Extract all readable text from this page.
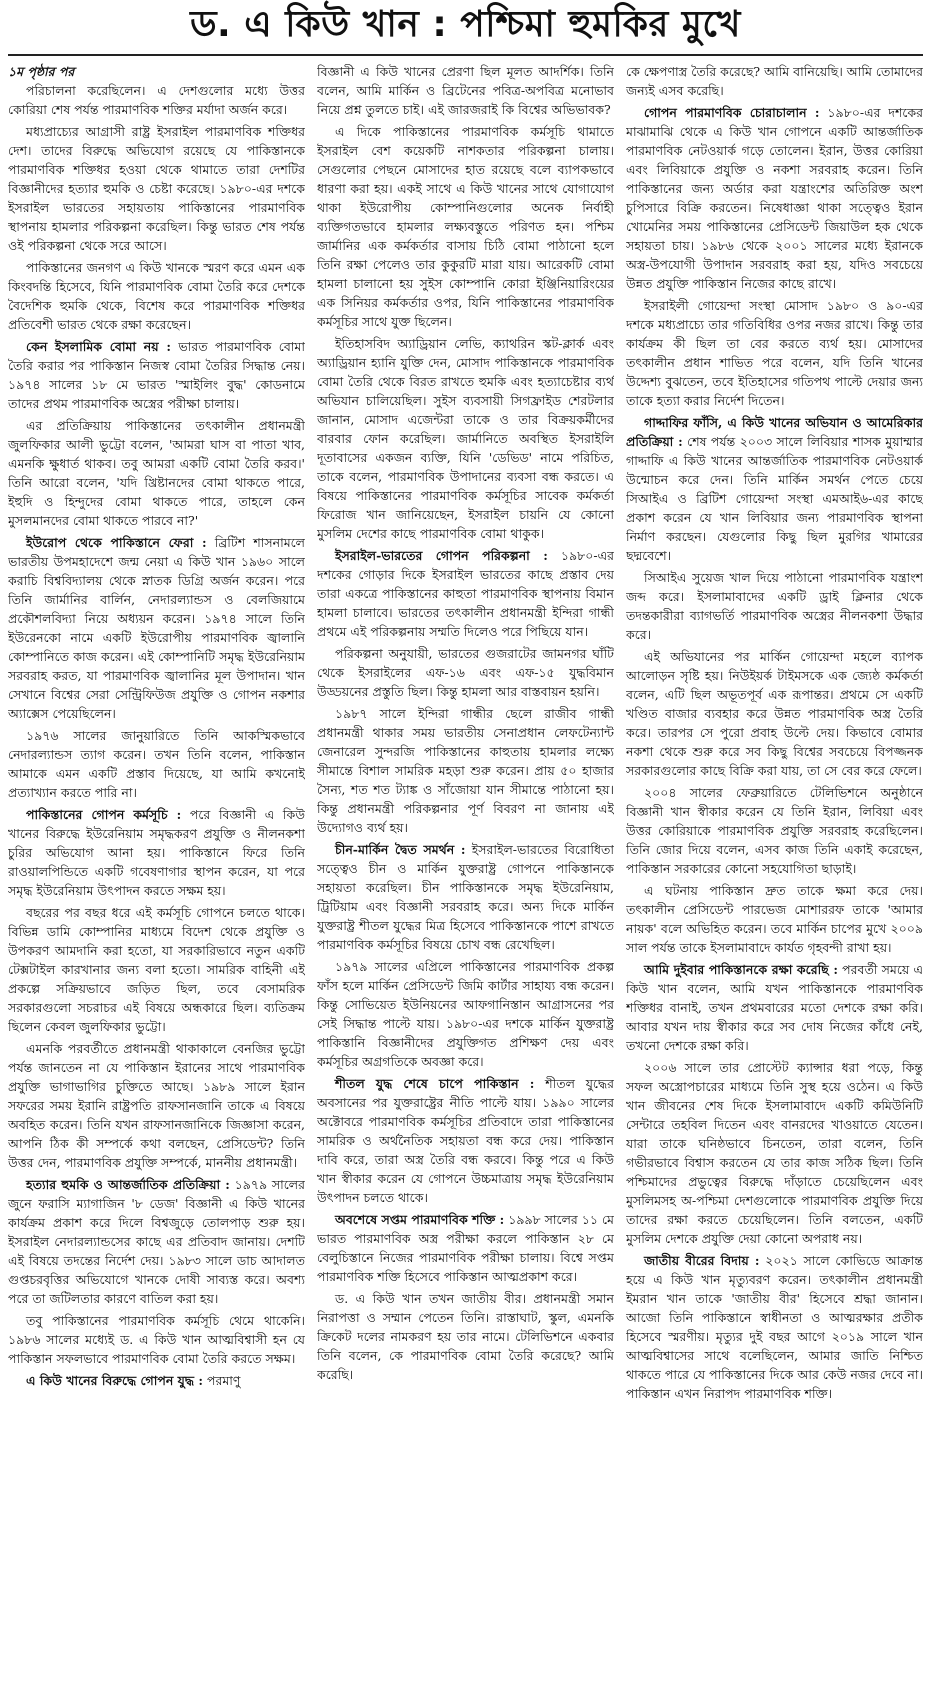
ড. এ কিউ খান : পশ্চিমা হুমকির মুখে
১ম পৃষ্ঠার পর

পরিচালনা করেছিলেন। এ দেশগুলোর মধ্যে উত্তর কোরিয়া শেষ পর্যন্ত পারমাণবিক শক্তির মর্যাদা অর্জন করে।

মধ্যপ্রাচ্যের আগ্রাসী রাষ্ট্র ইসরাইল পারমাণবিক শক্তিধর দেশ। তাদের বিরুদ্ধে অভিযোগ রয়েছে যে পাকিস্তানকে পারমাণবিক শক্তিধর হওয়া থেকে থামাতে তারা দেশটির বিজ্ঞানীদের হত্যার হুমকি ও চেষ্টা করেছে। ১৯৮০-এর দশকে ইসরাইল ভারতের সহায়তায় পাকিস্তানের পারমাণবিক স্থাপনায় হামলার পরিকল্পনা করেছিল। কিন্তু ভারত শেষ পর্যন্ত ওই পরিকল্পনা থেকে সরে আসে।

পাকিস্তানের জনগণ এ কিউ খানকে স্মরণ করে এমন এক কিংবদন্তি হিসেবে, যিনি পারমাণবিক বোমা তৈরি করে দেশকে বৈদেশিক হুমকি থেকে, বিশেষ করে পারমাণবিক শক্তিধর প্রতিবেশী ভারত থেকে রক্ষা করেছেন।

কেন ইসলামিক বোমা নয় : ভারত পারমাণবিক বোমা তৈরি করার পর পাকিস্তান নিজস্ব বোমা তৈরির সিদ্ধান্ত নেয়। ১৯৭৪ সালের ১৮ মে ভারত 'স্মাইলিং বুদ্ধ' কোডনামে তাদের প্রথম পারমাণবিক অস্ত্রের পরীক্ষা চালায়।

এর প্রতিক্রিয়ায় পাকিস্তানের তৎকালীন প্রধানমন্ত্রী জুলফিকার আলী ভুট্টো বলেন, 'আমরা ঘাস বা পাতা খাব, এমনকি ক্ষুধার্ত থাকব। তবু আমরা একটি বোমা তৈরি করব।' তিনি আরো বলেন, 'যদি খ্রিষ্টানদের বোমা থাকতে পারে, ইহুদি ও হিন্দুদের বোমা থাকতে পারে, তাহলে কেন মুসলমানদের বোমা থাকতে পারবে না?'

ইউরোপ থেকে পাকিস্তানে ফেরা : ব্রিটিশ শাসনামলে ভারতীয় উপমহাদেশে জন্ম নেয়া এ কিউ খান ১৯৬০ সালে করাচি বিশ্ববিদ্যালয় থেকে স্নাতক ডিগ্রি অর্জন করেন। পরে তিনি জার্মানির বার্লিন, নেদারল্যান্ডস ও বেলজিয়ামে প্রকৌশলবিদ্যা নিয়ে অধ্যয়ন করেন। ১৯৭৪ সালে তিনি ইউরেনকো নামে একটি ইউরোপীয় পারমাণবিক জ্বালানি কোম্পানিতে কাজ করেন। এই কোম্পানিটি সমৃদ্ধ ইউরেনিয়াম সরবরাহ করত, যা পারমাণবিক জ্বালানির মূল উপাদান। খান সেখানে বিশ্বের সেরা সেন্ট্রিফিউজ প্রযুক্তি ও গোপন নকশার অ্যাক্সেস পেয়েছিলেন।

১৯৭৬ সালের জানুয়ারিতে তিনি আকস্মিকভাবে নেদারল্যান্ডস ত্যাগ করেন। তখন তিনি বলেন, পাকিস্তান আমাকে এমন একটি প্রস্তাব দিয়েছে, যা আমি কখনোই প্রত্যাখ্যান করতে পারি না।

পাকিস্তানের গোপন কর্মসূচি : পরে বিজ্ঞানী এ কিউ খানের বিরুদ্ধে ইউরেনিয়াম সমৃদ্ধকরণ প্রযুক্তি ও নীলনকশা চুরির অভিযোগ আনা হয়। পাকিস্তানে ফিরে তিনি রাওয়ালপিন্ডিতে একটি গবেষণাগার স্থাপন করেন, যা পরে সমৃদ্ধ ইউরেনিয়াম উৎপাদন করতে সক্ষম হয়।

বছরের পর বছর ধরে এই কর্মসূচি গোপনে চলতে থাকে। বিভিন্ন ডামি কোম্পানির মাধ্যমে বিদেশ থেকে প্রযুক্তি ও উপকরণ আমদানি করা হতো, যা সরকারিভাবে নতুন একটি টেক্সটাইল কারখানার জন্য বলা হতো। সামরিক বাহিনী এই প্রকল্পে সক্রিয়ভাবে জড়িত ছিল, তবে বেসামরিক সরকারগুলো সচরাচর এই বিষয়ে অন্ধকারে ছিল। ব্যতিক্রম ছিলেন কেবল জুলফিকার ভুট্টো।

এমনকি পরবর্তীতে প্রধানমন্ত্রী থাকাকালে বেনজির ভুট্টো পর্যন্ত জানতেন না যে পাকিস্তান ইরানের সাথে পারমাণবিক প্রযুক্তি ভাগাভাগির চুক্তিতে আছে। ১৯৮৯ সালে ইরান সফরের সময় ইরানি রাষ্ট্রপতি রাফসানজানি তাকে এ বিষয়ে অবহিত করেন। তিনি যখন রাফসানজানিকে জিজ্ঞাসা করেন, আপনি ঠিক কী সম্পর্কে কথা বলছেন, প্রেসিডেন্ট? তিনি উত্তর দেন, পারমাণবিক প্রযুক্তি সম্পর্কে, মাননীয় প্রধানমন্ত্রী।

হত্যার হুমকি ও আন্তর্জাতিক প্রতিক্রিয়া : ১৯৭৯ সালের জুনে ফরাসি ম্যাগাজিন '৮ ডেজ' বিজ্ঞানী এ কিউ খানের কার্যক্রম প্রকাশ করে দিলে বিশ্বজুড়ে তোলপাড় শুরু হয়। ইসরাইল নেদারল্যান্ডসের কাছে এর প্রতিবাদ জানায়। দেশটি এই বিষয়ে তদন্তের নির্দেশ দেয়। ১৯৮৩ সালে ডাচ আদালত গুপ্তচরবৃত্তির অভিযোগে খানকে দোষী সাব্যস্ত করে। অবশ্য পরে তা জটিলতার কারণে বাতিল করা হয়।

তবু পাকিস্তানের পারমাণবিক কর্মসূচি থেমে থাকেনি। ১৯৮৬ সালের মধ্যেই ড. এ কিউ খান আত্মবিশ্বাসী হন যে পাকিস্তান সফলভাবে পারমাণবিক বোমা তৈরি করতে সক্ষম।

এ কিউ খানের বিরুদ্ধে গোপন যুদ্ধ : পরমাণু

বিজ্ঞানী এ কিউ খানের প্রেরণা ছিল মূলত আদর্শিক। তিনি বলেন, আমি মার্কিন ও ব্রিটেনের পবিত্র-অপবিত্র মনোভাব নিয়ে প্রশ্ন তুলতে চাই। এই জারজরাই কি বিশ্বের অভিভাবক?

এ দিকে পাকিস্তানের পারমাণবিক কর্মসূচি থামাতে ইসরাইল বেশ কয়েকটি নাশকতার পরিকল্পনা চালায়। সেগুলোর পেছনে মোসাদের হাত রয়েছে বলে ব্যাপকভাবে ধারণা করা হয়। একই সাথে এ কিউ খানের সাথে যোগাযোগ থাকা ইউরোপীয় কোম্পানিগুলোর অনেক নির্বাহী ব্যক্তিগতভাবে হামলার লক্ষ্যবস্তুতে পরিণত হন। পশ্চিম জার্মানির এক কর্মকর্তার বাসায় চিঠি বোমা পাঠানো হলে তিনি রক্ষা পেলেও তার কুকুরটি মারা যায়। আরেকটি বোমা হামলা চালানো হয় সুইস কোম্পানি কোরা ইঞ্জিনিয়ারিংয়ের এক সিনিয়র কর্মকর্তার ওপর, যিনি পাকিস্তানের পারমাণবিক কর্মসূচির সাথে যুক্ত ছিলেন।

ইতিহাসবিদ অ্যাড্রিয়ান লেভি, ক্যাথরিন স্কট-ক্লার্ক এবং অ্যাড্রিয়ান হ্যানি যুক্তি দেন, মোসাদ পাকিস্তানকে পারমাণবিক বোমা তৈরি থেকে বিরত রাখতে হুমকি এবং হত্যাচেষ্টার ব্যর্থ অভিযান চালিয়েছিল। সুইস ব্যবসায়ী সিগফ্রাইড শেরটলার জানান, মোসাদ এজেন্টরা তাকে ও তার বিক্রয়কর্মীদের বারবার ফোন করেছিল। জার্মানিতে অবস্থিত ইসরাইলি দূতাবাসের একজন ব্যক্তি, যিনি 'ডেভিড' নামে পরিচিত, তাকে বলেন, পারমাণবিক উপাদানের ব্যবসা বন্ধ করতে। এ বিষয়ে পাকিস্তানের পারমাণবিক কর্মসূচির সাবেক কর্মকর্তা ফিরোজ খান জানিয়েছেন, ইসরাইল চায়নি যে কোনো মুসলিম দেশের কাছে পারমাণবিক বোমা থাকুক।

ইসরাইল-ভারতের গোপন পরিকল্পনা : ১৯৮০-এর দশকের গোড়ার দিকে ইসরাইল ভারতের কাছে প্রস্তাব দেয় তারা একত্রে পাকিস্তানের কাহুতা পারমাণবিক স্থাপনায় বিমান হামলা চালাবে। ভারতের তৎকালীন প্রধানমন্ত্রী ইন্দিরা গান্ধী প্রথমে এই পরিকল্পনায় সম্মতি দিলেও পরে পিছিয়ে যান।

পরিকল্পনা অনুযায়ী, ভারতের গুজরাটের জামনগর ঘাঁটি থেকে ইসরাইলের এফ-১৬ এবং এফ-১৫ যুদ্ধবিমান উড্ডয়নের প্রস্তুতি ছিল। কিন্তু হামলা আর বাস্তবায়ন হয়নি।

১৯৮৭ সালে ইন্দিরা গান্ধীর ছেলে রাজীব গান্ধী প্রধানমন্ত্রী থাকার সময় ভারতীয় সেনাপ্রধান লেফটেন্যান্ট জেনারেল সুন্দরজি পাকিস্তানের কাহুতায় হামলার লক্ষ্যে সীমান্তে বিশাল সামরিক মহড়া শুরু করেন। প্রায় ৫০ হাজার সৈন্য, শত শত ট্যাঙ্ক ও সাঁজোয়া যান সীমান্তে পাঠানো হয়। কিন্তু প্রধানমন্ত্রী পরিকল্পনার পূর্ণ বিবরণ না জানায় এই উদ্যোগও ব্যর্থ হয়।

চীন-মার্কিন দ্বৈত সমর্থন : ইসরাইল-ভারতের বিরোধিতা সত্ত্বেও চীন ও মার্কিন যুক্তরাষ্ট্র গোপনে পাকিস্তানকে সহায়তা করেছিল। চীন পাকিস্তানকে সমৃদ্ধ ইউরেনিয়াম, ট্রিটিয়াম এবং বিজ্ঞানী সরবরাহ করে। অন্য দিকে মার্কিন যুক্তরাষ্ট্র শীতল যুদ্ধের মিত্র হিসেবে পাকিস্তানকে পাশে রাখতে পারমাণবিক কর্মসূচির বিষয়ে চোখ বন্ধ রেখেছিল।

১৯৭৯ সালের এপ্রিলে পাকিস্তানের পারমাণবিক প্রকল্প ফাঁস হলে মার্কিন প্রেসিডেন্ট জিমি কার্টার সাহায্য বন্ধ করেন। কিন্তু সোভিয়েত ইউনিয়নের আফগানিস্তান আগ্রাসনের পর সেই সিদ্ধান্ত পাল্টে যায়। ১৯৮০-এর দশকে মার্কিন যুক্তরাষ্ট্র পাকিস্তানি বিজ্ঞানীদের প্রযুক্তিগত প্রশিক্ষণ দেয় এবং কর্মসূচির অগ্রগতিকে অবজ্ঞা করে।

শীতল যুদ্ধ শেষে চাপে পাকিস্তান : শীতল যুদ্ধের অবসানের পর যুক্তরাষ্ট্রের নীতি পাল্টে যায়। ১৯৯০ সালের অক্টোবরে পারমাণবিক কর্মসূচির প্রতিবাদে তারা পাকিস্তানের সামরিক ও অর্থনৈতিক সহায়তা বন্ধ করে দেয়। পাকিস্তান দাবি করে, তারা অস্ত্র তৈরি বন্ধ করবে। কিন্তু পরে এ কিউ খান স্বীকার করেন যে গোপনে উচ্চমাত্রায় সমৃদ্ধ ইউরেনিয়াম উৎপাদন চলতে থাকে।

অবশেষে সপ্তম পারমাণবিক শক্তি : ১৯৯৮ সালের ১১ মে ভারত পারমাণবিক অস্ত্র পরীক্ষা করলে পাকিস্তান ২৮ মে বেলুচিস্তানে নিজের পারমাণবিক পরীক্ষা চালায়। বিশ্বে সপ্তম পারমাণবিক শক্তি হিসেবে পাকিস্তান আত্মপ্রকাশ করে।

ড. এ কিউ খান তখন জাতীয় বীর। প্রধানমন্ত্রী সমান নিরাপত্তা ও সম্মান পেতেন তিনি। রাস্তাঘাট, স্কুল, এমনকি ক্রিকেট দলের নামকরণ হয় তার নামে। টেলিভিশনে একবার তিনি বলেন, কে পারমাণবিক বোমা তৈরি করেছে? আমি করেছি।

কে ক্ষেপণাস্ত্র তৈরি করেছে? আমি বানিয়েছি। আমি তোমাদের জন্যই এসব করেছি।

গোপন পারমাণবিক চোরাচালান : ১৯৮০-এর দশকের মাঝামাঝি থেকে এ কিউ খান গোপনে একটি আন্তর্জাতিক পারমাণবিক নেটওয়ার্ক গড়ে তোলেন। ইরান, উত্তর কোরিয়া এবং লিবিয়াকে প্রযুক্তি ও নকশা সরবরাহ করেন। তিনি পাকিস্তানের জন্য অর্ডার করা যন্ত্রাংশের অতিরিক্ত অংশ চুপিসারে বিক্রি করতেন। নিষেধাজ্ঞা থাকা সত্ত্বেও ইরান খোমেনির সময় পাকিস্তানের প্রেসিডেন্ট জিয়াউল হক থেকে সহায়তা চায়। ১৯৮৬ থেকে ২০০১ সালের মধ্যে ইরানকে অস্ত্র-উপযোগী উপাদান সরবরাহ করা হয়, যদিও সবচেয়ে উন্নত প্রযুক্তি পাকিস্তান নিজের কাছে রাখে।

ইসরাইলী গোয়েন্দা সংস্থা মোসাদ ১৯৮০ ও ৯০-এর দশকে মধ্যপ্রাচ্যে তার গতিবিধির ওপর নজর রাখে। কিন্তু তার কার্যক্রম কী ছিল তা বের করতে ব্যর্থ হয়। মোসাদের তৎকালীন প্রধান শাভিত পরে বলেন, যদি তিনি খানের উদ্দেশ্য বুঝতেন, তবে ইতিহাসের গতিপথ পাল্টে দেয়ার জন্য তাকে হত্যা করার নির্দেশ দিতেন।

গাদ্দাফির ফাঁসি, এ কিউ খানের অভিযান ও আমেরিকার প্রতিক্রিয়া : শেষ পর্যন্ত ২০০৩ সালে লিবিয়ার শাসক মুয়াম্মার গাদ্দাফি এ কিউ খানের আন্তর্জাতিক পারমাণবিক নেটওয়ার্ক উন্মোচন করে দেন। তিনি মার্কিন সমর্থন পেতে চেয়ে সিআইএ ও ব্রিটিশ গোয়েন্দা সংস্থা এমআই৬-এর কাছে প্রকাশ করেন যে খান লিবিয়ার জন্য পারমাণবিক স্থাপনা নির্মাণ করছেন। যেগুলোর কিছু ছিল মুরগির খামারের ছদ্মবেশে।

সিআইএ সুয়েজ খাল দিয়ে পাঠানো পারমাণবিক যন্ত্রাংশ জব্দ করে। ইসলামাবাদের একটি ড্রাই ক্লিনার থেকে তদন্তকারীরা ব্যাগভর্তি পারমাণবিক অস্ত্রের নীলনকশা উদ্ধার করে।

এই অভিযানের পর মার্কিন গোয়েন্দা মহলে ব্যাপক আলোড়ন সৃষ্টি হয়। নিউইয়র্ক টাইমসকে এক জ্যেষ্ঠ কর্মকর্তা বলেন, এটি ছিল অভূতপূর্ব এক রূপান্তর। প্রথমে সে একটি খণ্ডিত বাজার ব্যবহার করে উন্নত পারমাণবিক অস্ত্র তৈরি করে। তারপর সে পুরো প্রবাহ উল্টে দেয়। কিভাবে বোমার নকশা থেকে শুরু করে সব কিছু বিশ্বের সবচেয়ে বিপজ্জনক সরকারগুলোর কাছে বিক্রি করা যায়, তা সে বের করে ফেলে।

২০০৪ সালের ফেব্রুয়ারিতে টেলিভিশনে অনুষ্ঠানে বিজ্ঞানী খান স্বীকার করেন যে তিনি ইরান, লিবিয়া এবং উত্তর কোরিয়াকে পারমাণবিক প্রযুক্তি সরবরাহ করেছিলেন। তিনি জোর দিয়ে বলেন, এসব কাজ তিনি একাই করেছেন, পাকিস্তান সরকারের কোনো সহযোগিতা ছাড়াই।

এ ঘটনায় পাকিস্তান দ্রুত তাকে ক্ষমা করে দেয়। তৎকালীন প্রেসিডেন্ট পারভেজ মোশাররফ তাকে 'আমার নায়ক' বলে অভিহিত করেন। তবে মার্কিন চাপের মুখে ২০০৯ সাল পর্যন্ত তাকে ইসলামাবাদে কার্যত গৃহবন্দী রাখা হয়।

আমি দুইবার পাকিস্তানকে রক্ষা করেছি : পরবর্তী সময়ে এ কিউ খান বলেন, আমি যখন পাকিস্তানকে পারমাণবিক শক্তিধর বানাই, তখন প্রথমবারের মতো দেশকে রক্ষা করি। আবার যখন দায় স্বীকার করে সব দোষ নিজের কাঁধে নেই, তখনো দেশকে রক্ষা করি।

২০০৬ সালে তার প্রোস্টেট ক্যান্সার ধরা পড়ে, কিন্তু সফল অস্ত্রোপচারের মাধ্যমে তিনি সুস্থ হয়ে ওঠেন। এ কিউ খান জীবনের শেষ দিকে ইসলামাবাদে একটি কমিউনিটি সেন্টারে তহবিল দিতেন এবং বানরদের খাওয়াতে যেতেন। যারা তাকে ঘনিষ্ঠভাবে চিনতেন, তারা বলেন, তিনি গভীরভাবে বিশ্বাস করতেন যে তার কাজ সঠিক ছিল। তিনি পশ্চিমাদের প্রভুত্বের বিরুদ্ধে দাঁড়াতে চেয়েছিলেন এবং মুসলিমসহ অ-পশ্চিমা দেশগুলোকে পারমাণবিক প্রযুক্তি দিয়ে তাদের রক্ষা করতে চেয়েছিলেন। তিনি বলতেন, একটি মুসলিম দেশকে প্রযুক্তি দেয়া কোনো অপরাধ নয়।

জাতীয় বীরের বিদায় : ২০২১ সালে কোভিডে আক্রান্ত হয়ে এ কিউ খান মৃত্যুবরণ করেন। তৎকালীন প্রধানমন্ত্রী ইমরান খান তাকে 'জাতীয় বীর' হিসেবে শ্রদ্ধা জানান। আজো তিনি পাকিস্তানে স্বাধীনতা ও আত্মরক্ষার প্রতীক হিসেবে স্মরণীয়। মৃত্যুর দুই বছর আগে ২০১৯ সালে খান আত্মবিশ্বাসের সাথে বলেছিলেন, আমার জাতি নিশ্চিত থাকতে পারে যে পাকিস্তানের দিকে আর কেউ নজর দেবে না। পাকিস্তান এখন নিরাপদ পারমাণবিক শক্তি।
